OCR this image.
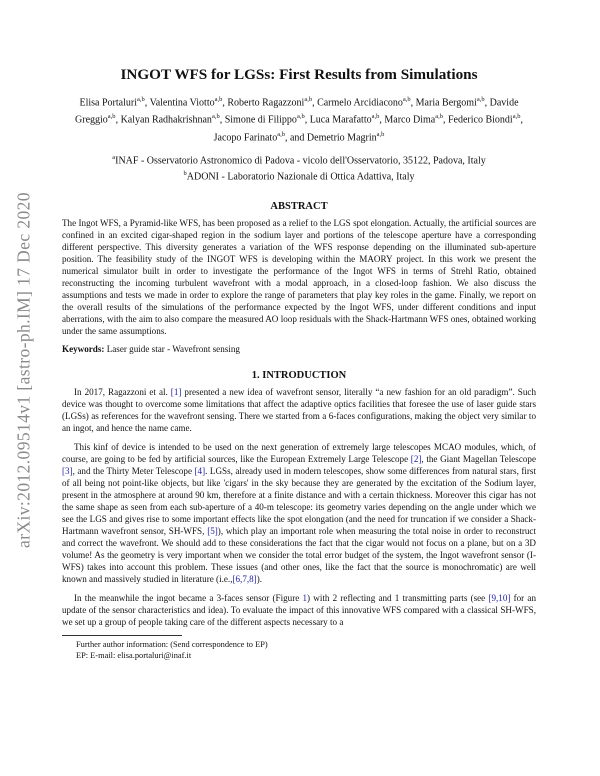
arXiv:2012.09514v1 [astro-ph.IM] 17 Dec 2020
INGOT WFS for LGSs: First Results from Simulations
Elisa Portaluri$^{a,b}$, Valentina Viotto$^{a,b}$, Roberto Ragazzoni$^{a,b}$, Carmelo Arcidiacono$^{a,b}$, Maria Bergomi$^{a,b}$, Davide Greggio$^{a,b}$, Kalyan Radhakrishnan$^{a,b}$, Simone di Filippo$^{a,b}$, Luca Marafatto$^{a,b}$, Marco Dima$^{a,b}$, Federico Biondi$^{a,b}$, Jacopo Farinato$^{a,b}$, and Demetrio Magrin$^{a,b}$
$^a$INAF - Osservatorio Astronomico di Padova - vicolo dell'Osservatorio, 35122, Padova, Italy
$^b$ADONI - Laboratorio Nazionale di Ottica Adattiva, Italy
ABSTRACT

The Ingot WFS, a Pyramid-like WFS, has been proposed as a relief to the LGS spot elongation. Actually, the artificial sources are confined in an excited cigar-shaped region in the sodium layer and portions of the telescope aperture have a corresponding different perspective. This diversity generates a variation of the WFS response depending on the illuminated sub-aperture position. The feasibility study of the INGOT WFS is developing within the MAORY project. In this work we present the numerical simulator built in order to investigate the performance of the Ingot WFS in terms of Strehl Ratio, obtained reconstructing the incoming turbulent wavefront with a modal approach, in a closed-loop fashion. We also discuss the assumptions and tests we made in order to explore the range of parameters that play key roles in the game. Finally, we report on the overall results of the simulations of the performance expected by the Ingot WFS, under different conditions and input aberrations, with the aim to also compare the measured AO loop residuals with the Shack-Hartmann WFS ones, obtained working under the same assumptions.

Keywords: Laser guide star - Wavefront sensing
1. INTRODUCTION

In 2017, Ragazzoni et al. [1] presented a new idea of wavefront sensor, literally “a new fashion for an old paradigm”. Such device was thought to overcome some limitations that affect the adaptive optics facilities that foresee the use of laser guide stars (LGSs) as references for the wavefront sensing. There we started from a 6-faces configurations, making the object very similar to an ingot, and hence the name came.

This kinf of device is intended to be used on the next generation of extremely large telescopes MCAO modules, which, of course, are going to be fed by artificial sources, like the European Extremely Large Telescope [2], the Giant Magellan Telescope [3], and the Thirty Meter Telescope [4]. LGSs, already used in modern telescopes, show some differences from natural stars, first of all being not point-like objects, but like 'cigars' in the sky because they are generated by the excitation of the Sodium layer, present in the atmosphere at around 90 km, therefore at a finite distance and with a certain thickness. Moreover this cigar has not the same shape as seen from each sub-aperture of a 40-m telescope: its geometry varies depending on the angle under which we see the LGS and gives rise to some important effects like the spot elongation (and the need for truncation if we consider a Shack-Hartmann wavefront sensor, SH-WFS, [5]), which play an important role when measuring the total noise in order to reconstruct and correct the wavefront. We should add to these considerations the fact that the cigar would not focus on a plane, but on a 3D volume! As the geometry is very important when we consider the total error budget of the system, the Ingot wavefront sensor (I-WFS) takes into account this problem. These issues (and other ones, like the fact that the source is monochromatic) are well known and massively studied in literature (i.e.,[6,7,8]).

In the meanwhile the ingot became a 3-faces sensor (Figure 1) with 2 reflecting and 1 transmitting parts (see [9,10] for an update of the sensor characteristics and idea). To evaluate the impact of this innovative WFS compared with a classical SH-WFS, we set up a group of people taking care of the different aspects necessary to a

Further author information: (Send correspondence to EP)

EP: E-mail: elisa.portaluri@inaf.it
